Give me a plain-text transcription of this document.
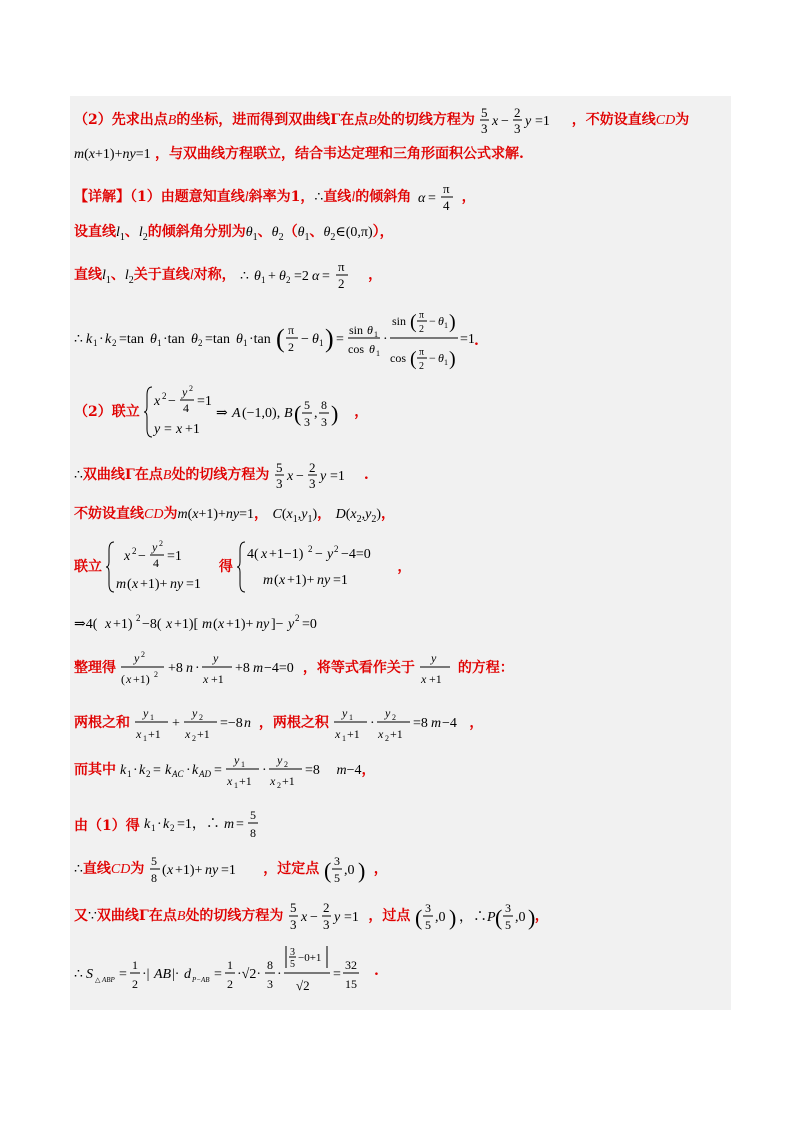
（2）先求出点B的坐标，进而得到双曲线Γ在点B处的切线方程为 5
3 x −
2
3 y =1 ，不妨设直线CD为
m(x+1)+ny=1 ，与双曲线方程联立，结合韦达定理和三角形面积公式求解.
【详解】（1）由题意知直线l斜率为1，∴直线l的倾斜角 α =
π
4
，
设直线$l_1$、$l_2$的倾斜角分别为$\theta_1$、$\theta_2(\theta_1$、$\theta_2\in(0,\pi)$），
直线$l_1$、$l_2$关于直线l对称， ∴ θ 1 + θ 2 =2 α =
π
2
，
∴ k 1 · k 2 =tan θ 1 ·tan θ 2 =tan θ 1 ·tan ( π
2 − θ 1 ) =
sin θ 1
cos θ 1
·
sin ( π
2
− θ 1 )
cos ( π
2
− θ 1 )
=1 .
（2）联立
x 2 −
y 2
4 =1
y = x +1
⇒ A (−1,0), B ( 5
3
,
8
3 ) ，
∴双曲线Γ在点B处的切线方程为 5
3 x −
2
3 y =1 .
不妨设直线CD为m(x+1)+ny=1， $C(x_1,y_1)$， $D(x_2,y_2)$，
联立
x 2 −
y 2
4 =1
m ( x +1)+ ny =1
得
4( x +1−1) 2 − y 2 −4=0
m ( x +1)+ ny =1
，
⇒4( x +1) 2 −8( x +1)[ m ( x +1)+ ny ]− y 2 =0
整理得
y 2
( x +1) 2 +8 n ·
y
x +1
+8 m −4=0 ，将等式看作关于
y
x +1
的方程：
两根之和
y 1
x 1 +1
+
y 2
x 2 +1
=−8 n ，两根之积
y 1
x 1 +1
·
y 2
x 2 +1
=8 m −4 ，
而其中 k 1 · k 2 = k AC · k AD =
y 1
x 1 +1
·
y 2
x 2 +1
=8 m−4，
由（1）得 k 1 · k 2 =1，∴ m =
5
8
∴直线CD为 5
8 ( x +1)+ ny =1 ，过定点 ( 3
5 ,0 ) ，
又∵双曲线Γ在点B处的切线方程为
5
3 x −
2
3 y =1 ，过点 ( 3
5 ,0 ) ，∴ P ( 3
5 ,0 ) ，
∴ S △ ABP =
1
2
·| AB |· d P−AB =
1
2
·√2·
8
3
·
3
5
−0+1
√2
=
32
15
.
